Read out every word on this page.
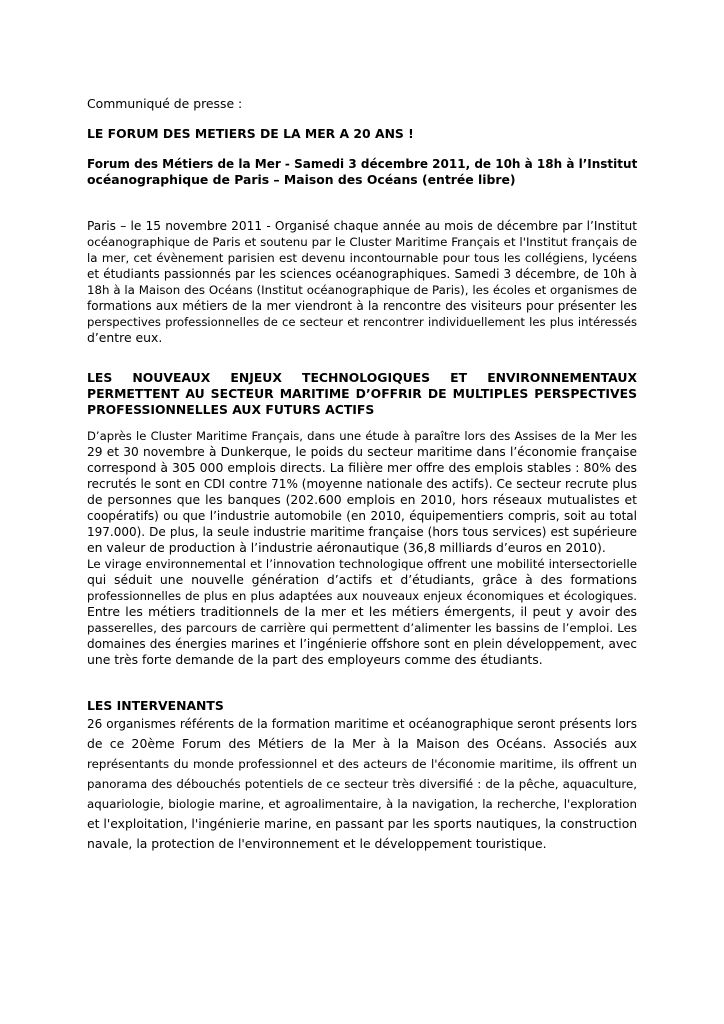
Communiqué de presse :
LE FORUM DES METIERS DE LA MER A 20 ANS !
Forum des Métiers de la Mer - Samedi 3 décembre 2011, de 10h à 18h à l’Institut
océanographique de Paris – Maison des Océans (entrée libre)
Paris – le 15 novembre 2011 - Organisé chaque année au mois de décembre par l’Institut
océanographique de Paris et soutenu par le Cluster Maritime Français et l'Institut français de
la mer, cet évènement parisien est devenu incontournable pour tous les collégiens, lycéens
et étudiants passionnés par les sciences océanographiques. Samedi 3 décembre, de 10h à
18h à la Maison des Océans (Institut océanographique de Paris), les écoles et organismes de
formations aux métiers de la mer viendront à la rencontre des visiteurs pour présenter les
perspectives professionnelles de ce secteur et rencontrer individuellement les plus intéressés
d’entre eux.
LES NOUVEAUX ENJEUX TECHNOLOGIQUES ET ENVIRONNEMENTAUX
PERMETTENT AU SECTEUR MARITIME D’OFFRIR DE MULTIPLES PERSPECTIVES
PROFESSIONNELLES AUX FUTURS ACTIFS
D’après le Cluster Maritime Français, dans une étude à paraître lors des Assises de la Mer les
29 et 30 novembre à Dunkerque, le poids du secteur maritime dans l’économie française
correspond à 305 000 emplois directs. La filière mer offre des emplois stables : 80% des
recrutés le sont en CDI contre 71% (moyenne nationale des actifs). Ce secteur recrute plus
de personnes que les banques (202.600 emplois en 2010, hors réseaux mutualistes et
coopératifs) ou que l’industrie automobile (en 2010, équipementiers compris, soit au total
197.000). De plus, la seule industrie maritime française (hors tous services) est supérieure
en valeur de production à l’industrie aéronautique (36,8 milliards d’euros en 2010).
Le virage environnemental et l’innovation technologique offrent une mobilité intersectorielle
qui séduit une nouvelle génération d’actifs et d’étudiants, grâce à des formations
professionnelles de plus en plus adaptées aux nouveaux enjeux économiques et écologiques.
Entre les métiers traditionnels de la mer et les métiers émergents, il peut y avoir des
passerelles, des parcours de carrière qui permettent d’alimenter les bassins de l’emploi. Les
domaines des énergies marines et l’ingénierie offshore sont en plein développement, avec
une très forte demande de la part des employeurs comme des étudiants.
LES INTERVENANTS
26 organismes référents de la formation maritime et océanographique seront présents lors
de ce 20ème Forum des Métiers de la Mer à la Maison des Océans. Associés aux
représentants du monde professionnel et des acteurs de l'économie maritime, ils offrent un
panorama des débouchés potentiels de ce secteur très diversifié : de la pêche, aquaculture,
aquariologie, biologie marine, et agroalimentaire, à la navigation, la recherche, l'exploration
et l'exploitation, l'ingénierie marine, en passant par les sports nautiques, la construction
navale, la protection de l'environnement et le développement touristique.
